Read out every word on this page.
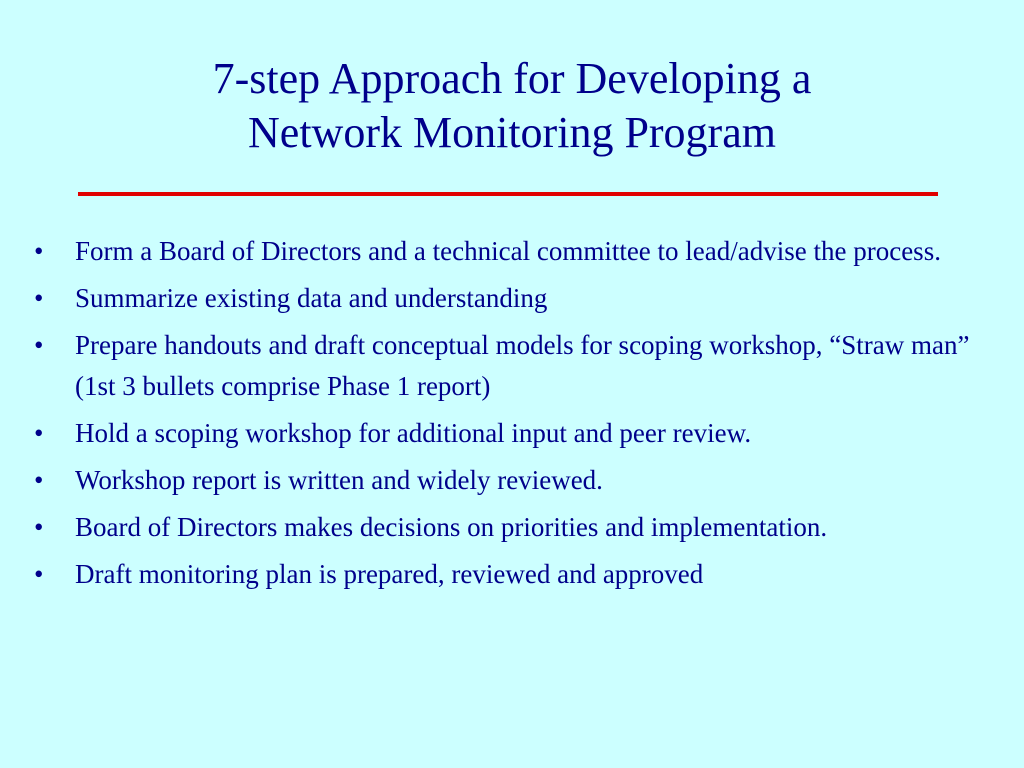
7-step Approach for Developing a
Network Monitoring Program
• Form a Board of Directors and a technical committee to lead/advise the process.
• Summarize existing data and understanding
• Prepare handouts and draft conceptual models for scoping workshop, “Straw man” (1st 3 bullets comprise Phase 1 report)
• Hold a scoping workshop for additional input and peer review.
• Workshop report is written and widely reviewed.
• Board of Directors makes decisions on priorities and implementation.
• Draft monitoring plan is prepared, reviewed and approved
